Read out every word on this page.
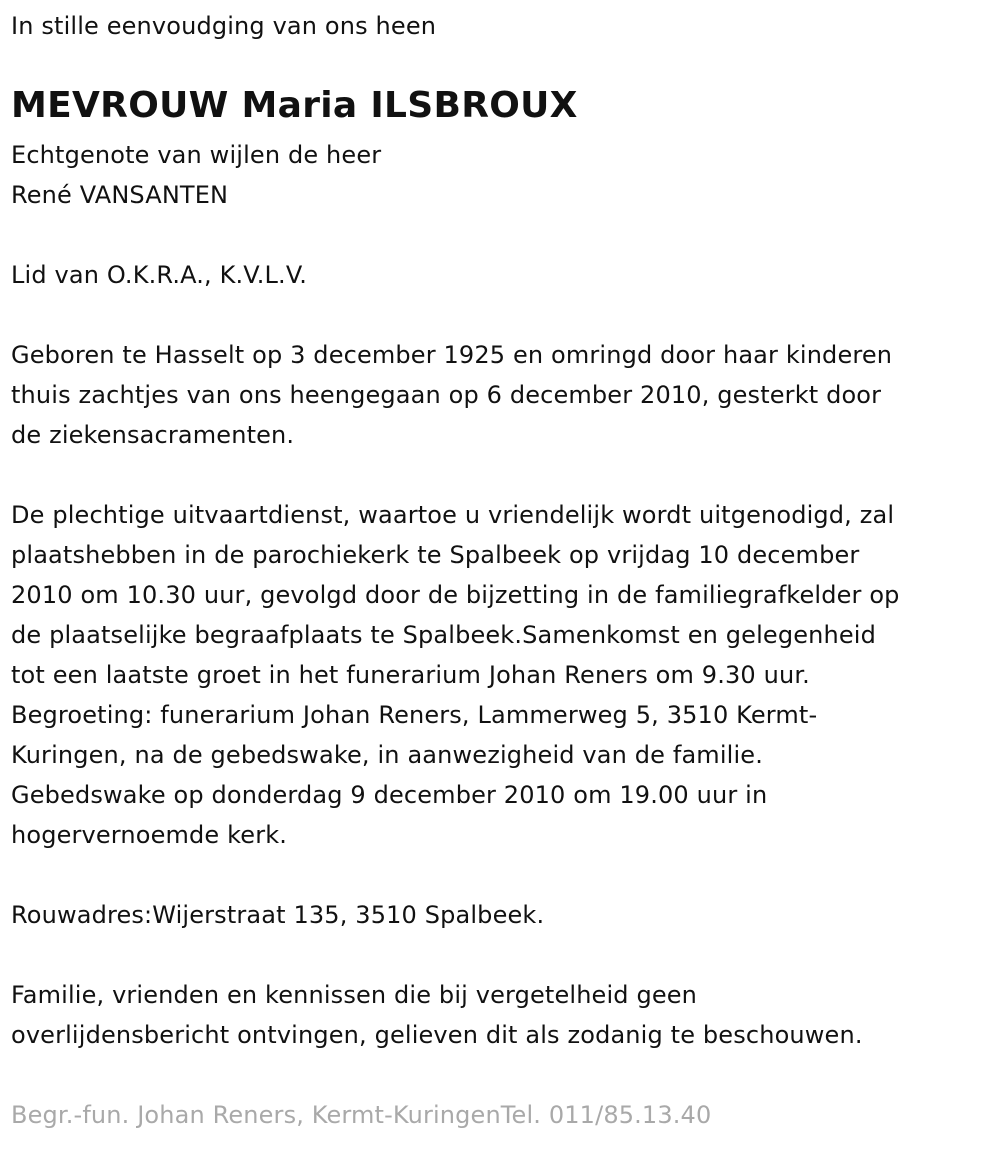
In stille eenvoudging van ons heen
MEVROUW Maria ILSBROUX
Echtgenote van wijlen de heer
René VANSANTEN
Lid van O.K.R.A., K.V.L.V.
Geboren te Hasselt op 3 december 1925 en omringd door haar kinderen
thuis zachtjes van ons heengegaan op 6 december 2010, gesterkt door
de ziekensacramenten.
De plechtige uitvaartdienst, waartoe u vriendelijk wordt uitgenodigd, zal
plaatshebben in de parochiekerk te Spalbeek op vrijdag 10 december
2010 om 10.30 uur, gevolgd door de bijzetting in de familiegrafkelder op
de plaatselijke begraafplaats te Spalbeek.Samenkomst en gelegenheid
tot een laatste groet in het funerarium Johan Reners om 9.30 uur.
Begroeting: funerarium Johan Reners, Lammerweg 5, 3510 Kermt-
Kuringen, na de gebedswake, in aanwezigheid van de familie.
Gebedswake op donderdag 9 december 2010 om 19.00 uur in
hogervernoemde kerk.
Rouwadres:Wijerstraat 135, 3510 Spalbeek.
Familie, vrienden en kennissen die bij vergetelheid geen
overlijdensbericht ontvingen, gelieven dit als zodanig te beschouwen.
Begr.-fun. Johan Reners, Kermt-KuringenTel. 011/85.13.40
